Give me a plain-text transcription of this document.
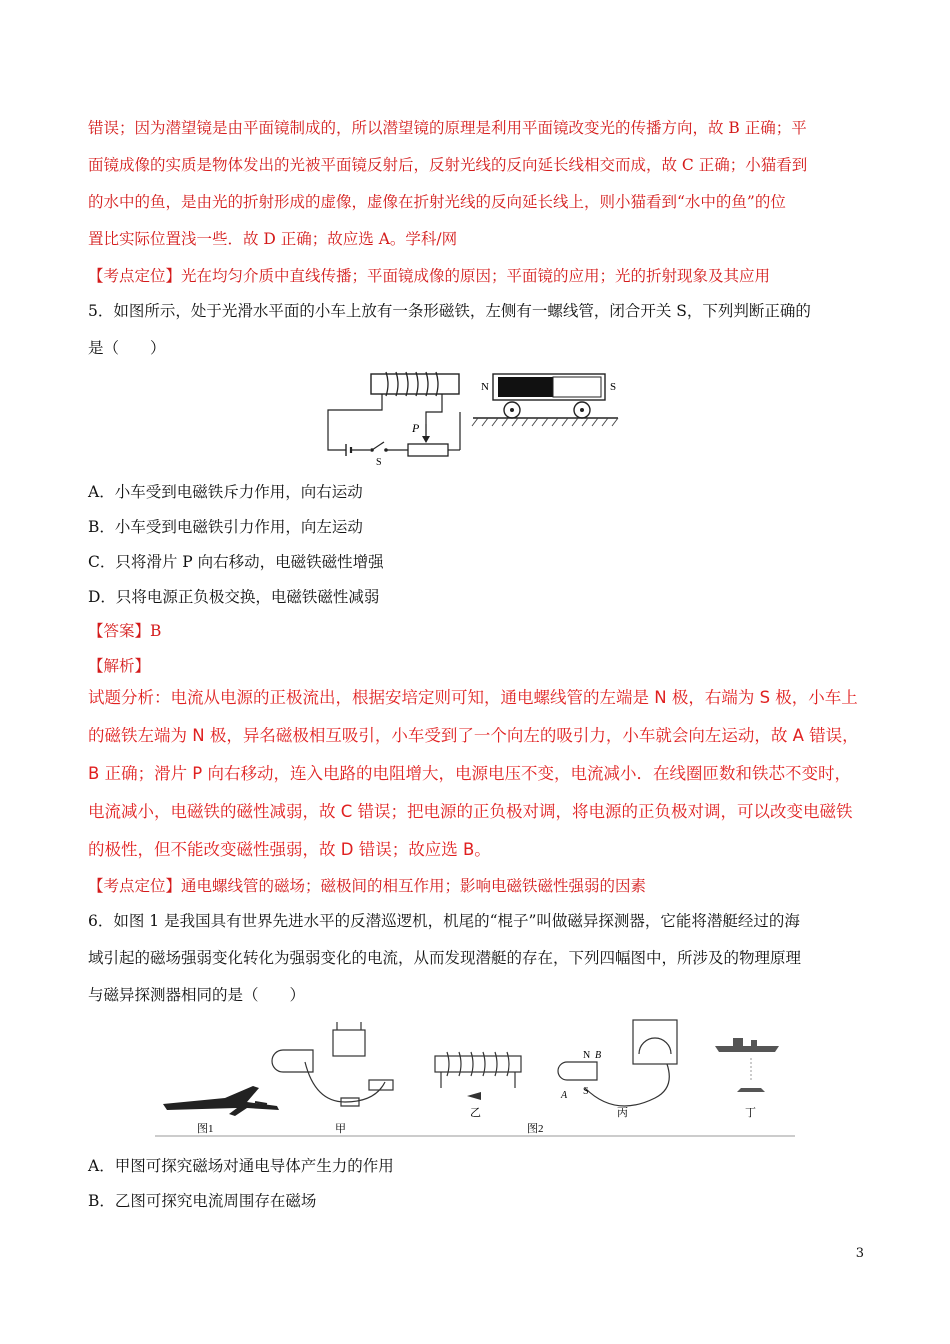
错误；因为潜望镜是由平面镜制成的，所以潜望镜的原理是利用平面镜改变光的传播方向，故 B 正确；平
面镜成像的实质是物体发出的光被平面镜反射后，反射光线的反向延长线相交而成，故 C 正确；小猫看到
的水中的鱼，是由光的折射形成的虚像，虚像在折射光线的反向延长线上，则小猫看到“水中的鱼”的位
置比实际位置浅一些．故 D 正确；故应选 A。学科/网
【考点定位】光在均匀介质中直线传播；平面镜成像的原因；平面镜的应用；光的折射现象及其应用
5．如图所示，处于光滑水平面的小车上放有一条形磁铁，左侧有一螺线管，闭合开关 S，下列判断正确的
是（　　）
S
P
N	S
A．小车受到电磁铁斥力作用，向右运动
B．小车受到电磁铁引力作用，向左运动
C．只将滑片 P 向右移动，电磁铁磁性增强
D．只将电源正负极交换，电磁铁磁性减弱
【答案】B
【解析】
试题分析：电流从电源的正极流出，根据安培定则可知，通电螺线管的左端是 N 极，右端为 S 极，小车上
的磁铁左端为 N 极，异名磁极相互吸引，小车受到了一个向左的吸引力，小车就会向左运动，故 A 错误，
B 正确；滑片 P 向右移动，连入电路的电阻增大，电源电压不变，电流减小．在线圈匝数和铁芯不变时，
电流减小，电磁铁的磁性减弱，故 C 错误；把电源的正负极对调，将电源的正负极对调，可以改变电磁铁
的极性，但不能改变磁性强弱，故 D 错误；故应选 B。
【考点定位】通电螺线管的磁场；磁极间的相互作用；影响电磁铁磁性强弱的因素
6．如图 1 是我国具有世界先进水平的反潜巡逻机，机尾的“棍子”叫做磁异探测器，它能将潜艇经过的海
域引起的磁场强弱变化转化为强弱变化的电流，从而发现潜艇的存在，下列四幅图中，所涉及的物理原理
与磁异探测器相同的是（　　）
图1	甲
乙
N B
S
A
丙
图2
丁
A．甲图可探究磁场对通电导体产生力的作用
B．乙图可探究电流周围存在磁场
3
